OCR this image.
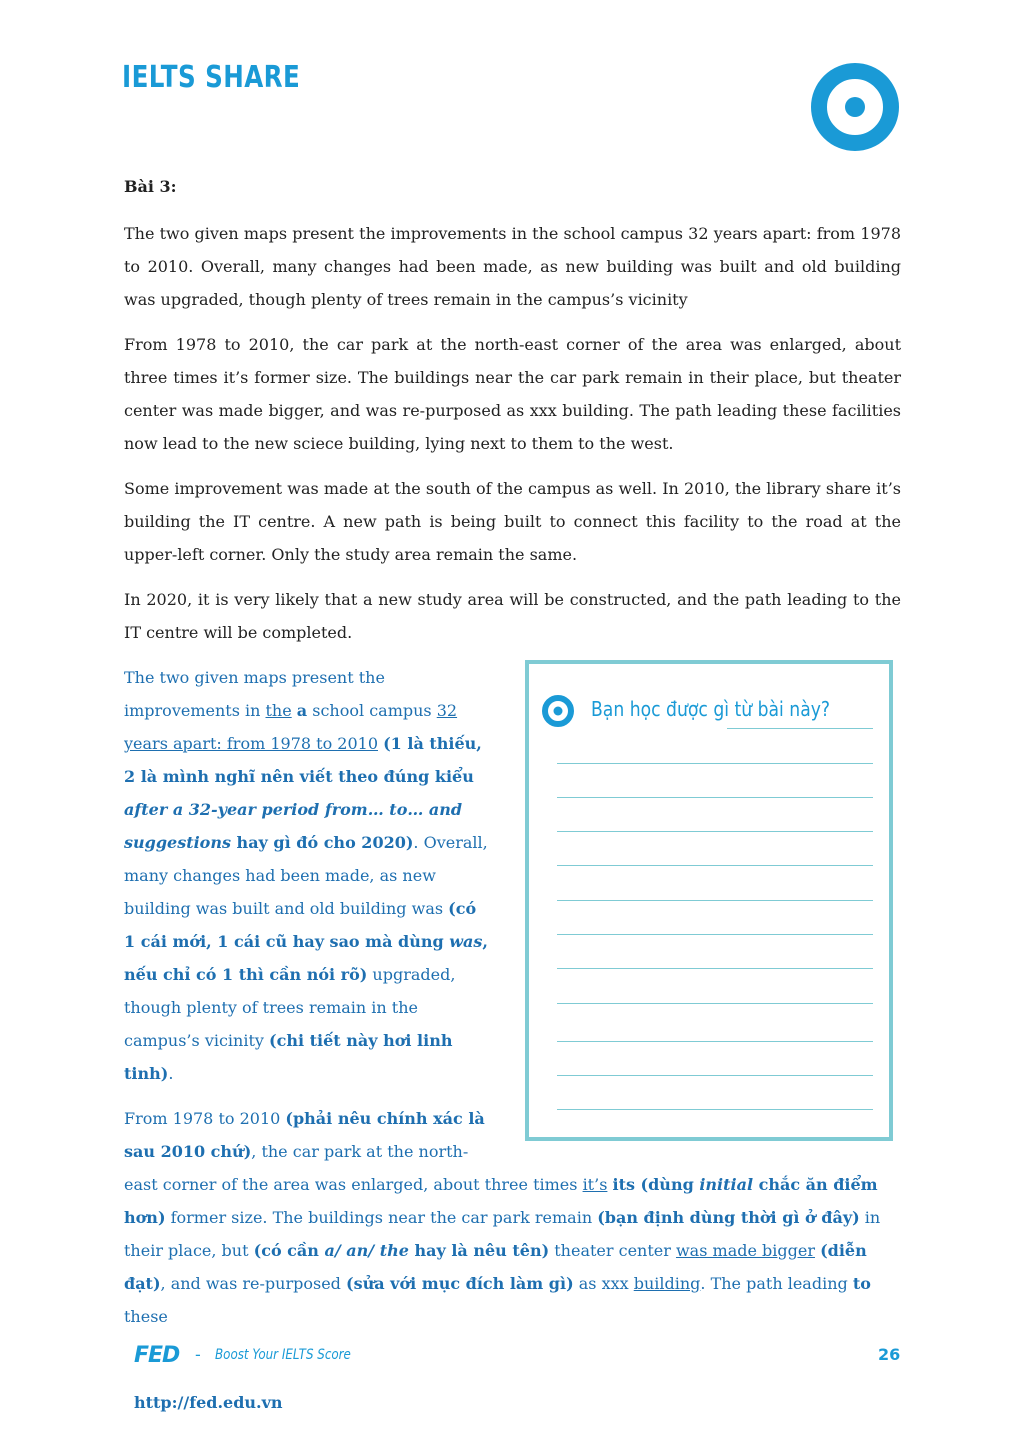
IELTS SHARE

Bài 3:

The two given maps present the improvements in the school campus 32 years apart: from 1978 to 2010. Overall, many changes had been made, as new building was built and old building was upgraded, though plenty of trees remain in the campus’s vicinity

From 1978 to 2010, the car park at the north-east corner of the area was enlarged, about three times it’s former size. The buildings near the car park remain in their place, but theater center was made bigger, and was re-purposed as xxx building. The path leading these facilities now lead to the new sciece building, lying next to them to the west.

Some improvement was made at the south of the campus as well. In 2010, the library share it’s building the IT centre. A new path is being built to connect this facility to the road at the upper-left corner. Only the study area remain the same.

In 2020, it is very likely that a new study area will be constructed, and the path leading to the IT centre will be completed.

The two given maps present the improvements in the a school campus 32 years apart: from 1978 to 2010 (1 là thiếu, 2 là mình nghĩ nên viết theo đúng kiểu after a 32-year period from… to… and suggestions hay gì đó cho 2020). Overall, many changes had been made, as new building was built and old building was (có 1 cái mới, 1 cái cũ hay sao mà dùng was, nếu chỉ có 1 thì cần nói rõ) upgraded, though plenty of trees remain in the campus’s vicinity (chi tiết này hơi linh tinh).

From 1978 to 2010 (phải nêu chính xác là sau 2010 chứ), the car park at the north-east corner of the area was enlarged, about three times it’s its (dùng initial chắc ăn điểm hơn) former size. The buildings near the car park remain (bạn định dùng thời gì ở đây) in their place, but (có cần a/ an/ the hay là nêu tên) theater center was made bigger (diễn đạt), and was re-purposed (sửa với mục đích làm gì) as xxx building. The path leading to these

Bạn học được gì từ bài này?
FED - Boost Your IELTS Score	26
http://fed.edu.vn
